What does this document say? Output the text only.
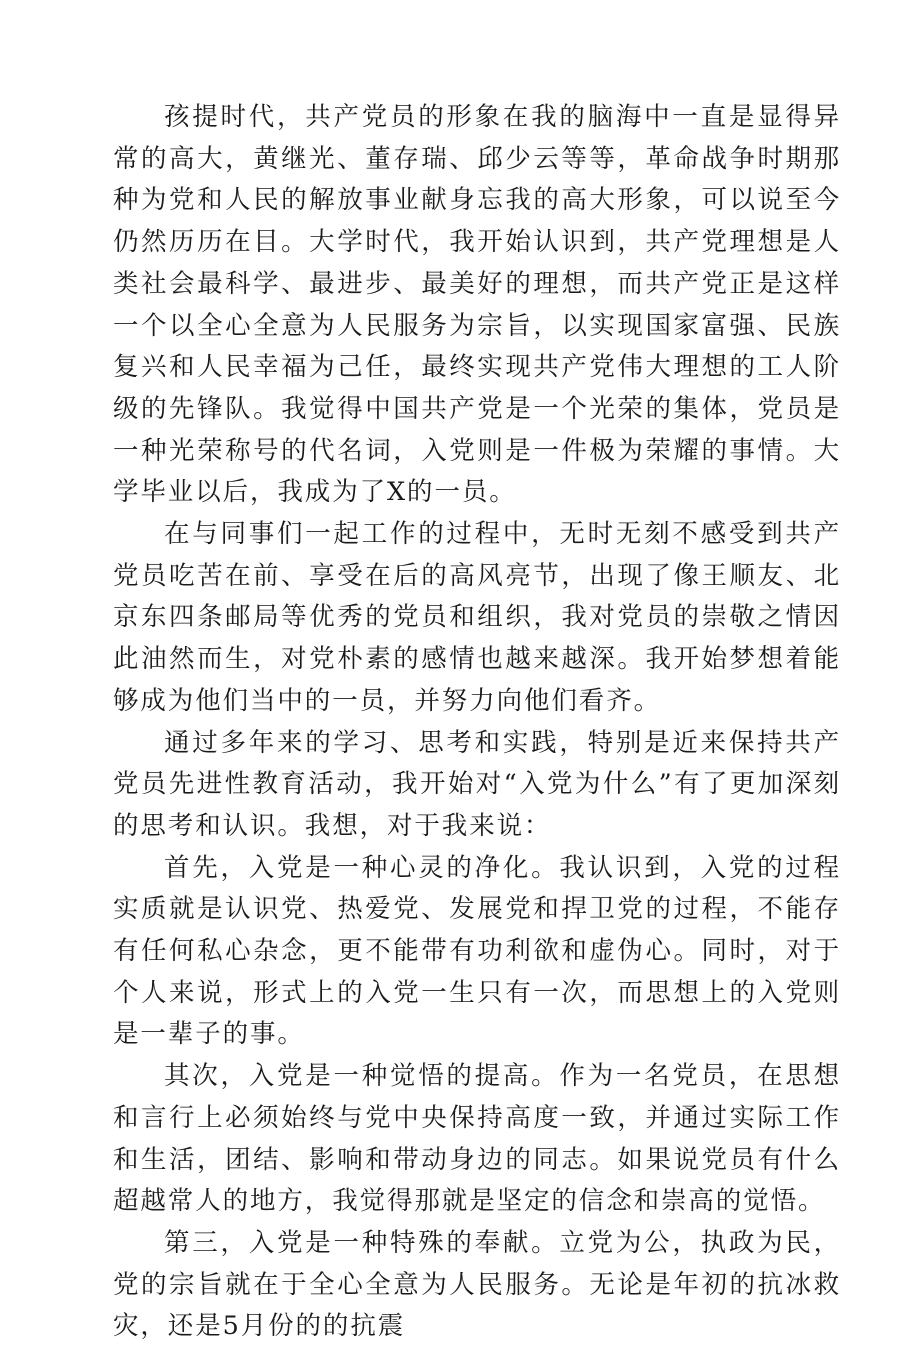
孩提时代，共产党员的形象在我的脑海中一直是显得异常的高大，黄继光、董存瑞、邱少云等等，革命战争时期那种为党和人民的解放事业献身忘我的高大形象，可以说至今仍然历历在目。大学时代，我开始认识到，共产党理想是人类社会最科学、最进步、最美好的理想，而共产党正是这样一个以全心全意为人民服务为宗旨，以实现国家富强、民族复兴和人民幸福为己任，最终实现共产党伟大理想的工人阶级的先锋队。我觉得中国共产党是一个光荣的集体，党员是一种光荣称号的代名词，入党则是一件极为荣耀的事情。大学毕业以后，我成为了X的一员。

在与同事们一起工作的过程中，无时无刻不感受到共产党员吃苦在前、享受在后的高风亮节，出现了像王顺友、北京东四条邮局等优秀的党员和组织，我对党员的崇敬之情因此油然而生，对党朴素的感情也越来越深。我开始梦想着能够成为他们当中的一员，并努力向他们看齐。

通过多年来的学习、思考和实践，特别是近来保持共产党员先进性教育活动，我开始对“入党为什么”有了更加深刻的思考和认识。我想，对于我来说：

首先，入党是一种心灵的净化。我认识到，入党的过程实质就是认识党、热爱党、发展党和捍卫党的过程，不能存有任何私心杂念，更不能带有功利欲和虚伪心。同时，对于个人来说，形式上的入党一生只有一次，而思想上的入党则是一辈子的事。

其次，入党是一种觉悟的提高。作为一名党员，在思想和言行上必须始终与党中央保持高度一致，并通过实际工作和生活，团结、影响和带动身边的同志。如果说党员有什么超越常人的地方，我觉得那就是坚定的信念和崇高的觉悟。

第三，入党是一种特殊的奉献。立党为公，执政为民，党的宗旨就在于全心全意为人民服务。无论是年初的抗冰救灾，还是5月份的的抗震
